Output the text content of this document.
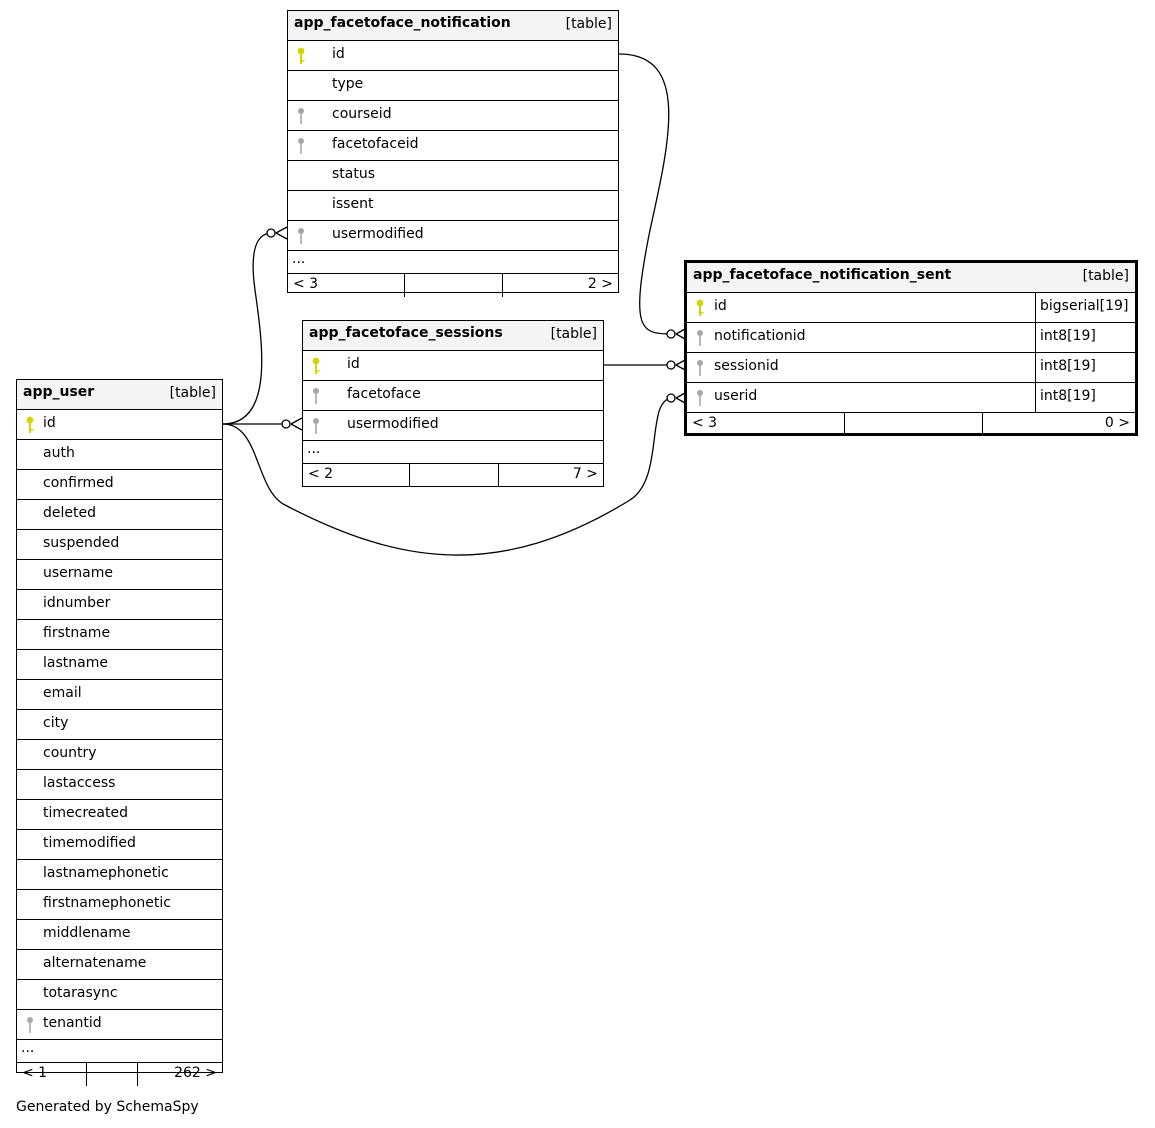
app_facetoface_notification	[table]
id
type
courseid
facetofaceid
status
issent
usermodified
...
< 3	2 >
app_facetoface_sessions	[table]
id
facetoface
usermodified
...
< 2	7 >
app_user	[table]
id
auth
confirmed
deleted
suspended
username
idnumber
firstname
lastname
email
city
country
lastaccess
timecreated
timemodified
lastnamephonetic
firstnamephonetic
middlename
alternatename
totarasync
tenantid
...
< 1	262 >
app_facetoface_notification_sent	[table]
id	bigserial[19]
notificationid	int8[19]
sessionid	int8[19]
userid	int8[19]
< 3	0 >
Generated by SchemaSpy
